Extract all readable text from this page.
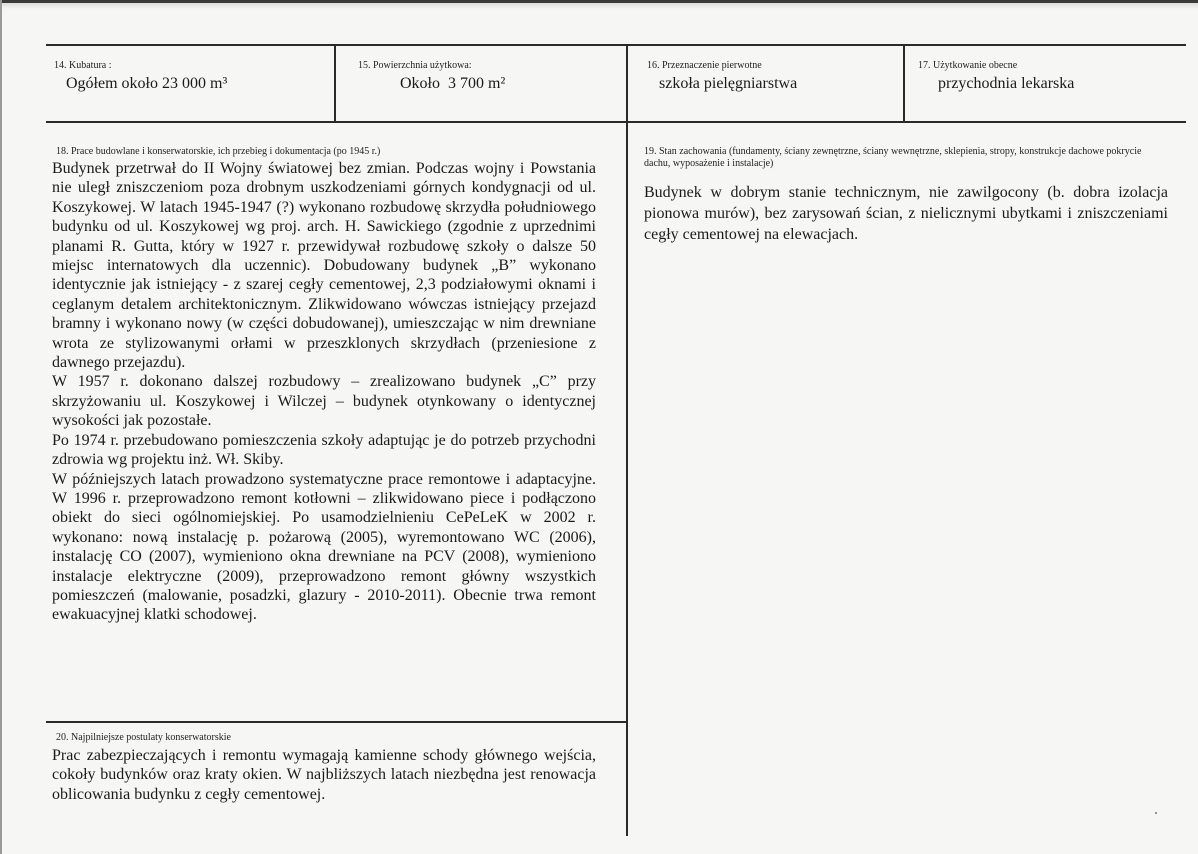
14. Kubatura :
Ogółem około 23 000 m³
15. Powierzchnia użytkowa:
Około  3 700 m²
16. Przeznaczenie pierwotne
szkoła pielęgniarstwa
17. Użytkowanie obecne
przychodnia lekarska
18. Prace budowlane i konserwatorskie, ich przebieg i dokumentacja (po 1945 r.)

Budynek przetrwał do II Wojny światowej bez zmian. Podczas wojny i Powstania nie uległ zniszczeniom poza drobnym uszkodzeniami górnych kondygnacji od ul. Koszykowej. W latach 1945-1947 (?) wykonano rozbudowę skrzydła południowego budynku od ul. Koszykowej wg proj. arch. H. Sawickiego (zgodnie z uprzednimi planami R. Gutta, który w 1927 r. przewidywał rozbudowę szkoły o dalsze 50 miejsc internatowych dla uczennic). Dobudowany budynek „B” wykonano identycznie jak istniejący - z szarej cegły cementowej, 2,3 podziałowymi oknami i ceglanym detalem architektonicznym. Zlikwidowano wówczas istniejący przejazd bramny i wykonano nowy (w części dobudowanej), umieszczając w nim drewniane wrota ze stylizowanymi orłami w przeszklonych skrzydłach (przeniesione z dawnego przejazdu).

W 1957 r. dokonano dalszej rozbudowy – zrealizowano budynek „C” przy skrzyżowaniu ul. Koszykowej i Wilczej – budynek otynkowany o identycznej wysokości jak pozostałe.

Po 1974 r. przebudowano pomieszczenia szkoły adaptując je do potrzeb przychodni zdrowia wg projektu inż. Wł. Skiby.

W późniejszych latach prowadzono systematyczne prace remontowe i adaptacyjne. W 1996 r. przeprowadzono remont kotłowni – zlikwidowano piece i podłączono obiekt do sieci ogólnomiejskiej. Po usamodzielnieniu CePeLeK w 2002 r. wykonano: nową instalację p. pożarową (2005), wyremontowano WC (2006), instalację CO (2007), wymieniono okna drewniane na PCV (2008), wymieniono instalacje elektryczne (2009), przeprowadzono remont główny wszystkich pomieszczeń (malowanie, posadzki, glazury - 2010-2011). Obecnie trwa remont ewakuacyjnej klatki schodowej.

19. Stan zachowania (fundamenty, ściany zewnętrzne, ściany wewnętrzne, sklepienia, stropy, konstrukcje dachowe pokrycie dachu, wyposażenie i instalacje)
Budynek w dobrym stanie technicznym, nie zawilgocony (b. dobra izolacja pionowa murów), bez zarysowań ścian, z nielicznymi ubytkami i zniszczeniami cegły cementowej na elewacjach.
20. Najpilniejsze postulaty konserwatorskie
Prac zabezpieczających i remontu wymagają kamienne schody głównego wejścia, cokoły budynków oraz kraty okien. W najbliższych latach niezbędna jest renowacja oblicowania budynku z cegły cementowej.
